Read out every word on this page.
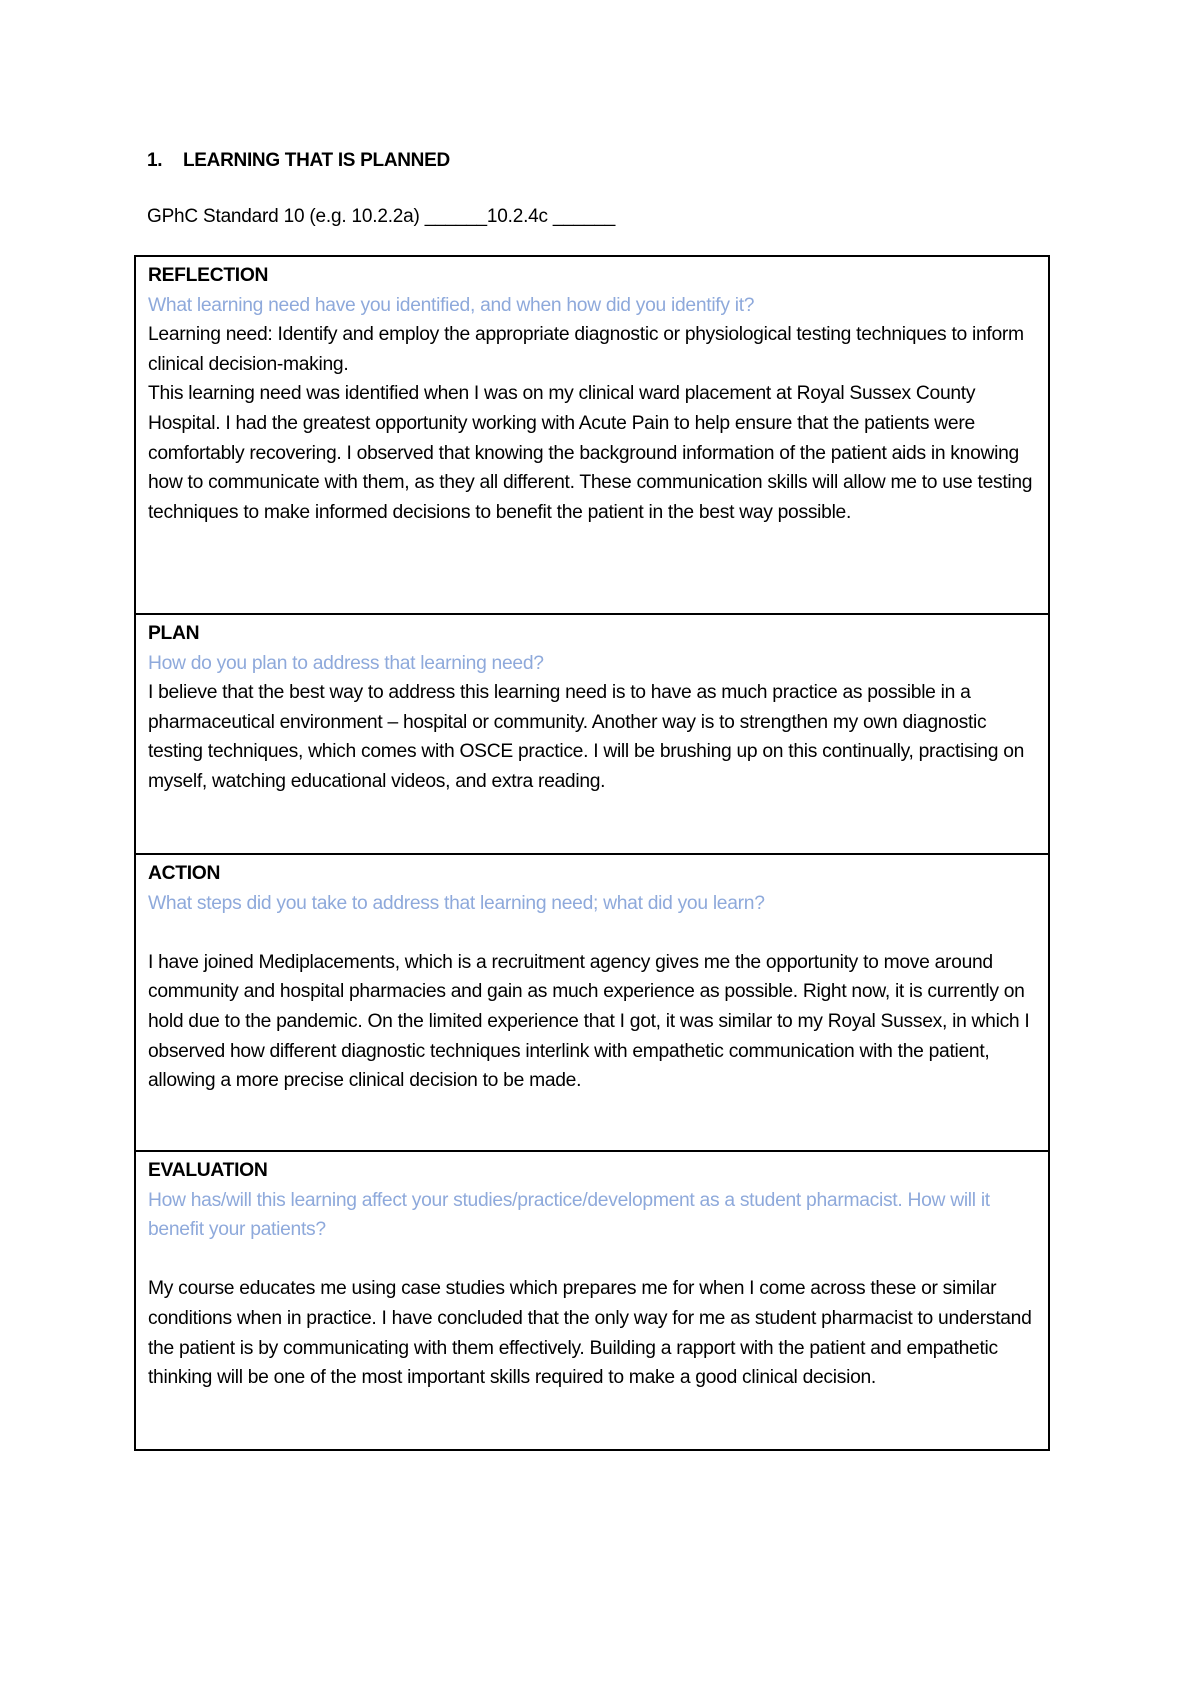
1. LEARNING THAT IS PLANNED
GPhC Standard 10 (e.g. 10.2.2a) ______10.2.4c ______
REFLECTION
What learning need have you identified, and when how did you identify it?
Learning need: Identify and employ the appropriate diagnostic or physiological testing techniques to inform clinical decision-making.
This learning need was identified when I was on my clinical ward placement at Royal Sussex County Hospital. I had the greatest opportunity working with Acute Pain to help ensure that the patients were comfortably recovering. I observed that knowing the background information of the patient aids in knowing how to communicate with them, as they all different. These communication skills will allow me to use testing techniques to make informed decisions to benefit the patient in the best way possible.
PLAN
How do you plan to address that learning need?
I believe that the best way to address this learning need is to have as much practice as possible in a pharmaceutical environment – hospital or community. Another way is to strengthen my own diagnostic testing techniques, which comes with OSCE practice. I will be brushing up on this continually, practising on myself, watching educational videos, and extra reading.
ACTION
What steps did you take to address that learning need; what did you learn?
I have joined Mediplacements, which is a recruitment agency gives me the opportunity to move around community and hospital pharmacies and gain as much experience as possible. Right now, it is currently on hold due to the pandemic. On the limited experience that I got, it was similar to my Royal Sussex, in which I observed how different diagnostic techniques interlink with empathetic communication with the patient, allowing a more precise clinical decision to be made.
EVALUATION
How has/will this learning affect your studies/practice/development as a student pharmacist. How will it benefit your patients?
My course educates me using case studies which prepares me for when I come across these or similar conditions when in practice. I have concluded that the only way for me as student pharmacist to understand the patient is by communicating with them effectively. Building a rapport with the patient and empathetic thinking will be one of the most important skills required to make a good clinical decision.
